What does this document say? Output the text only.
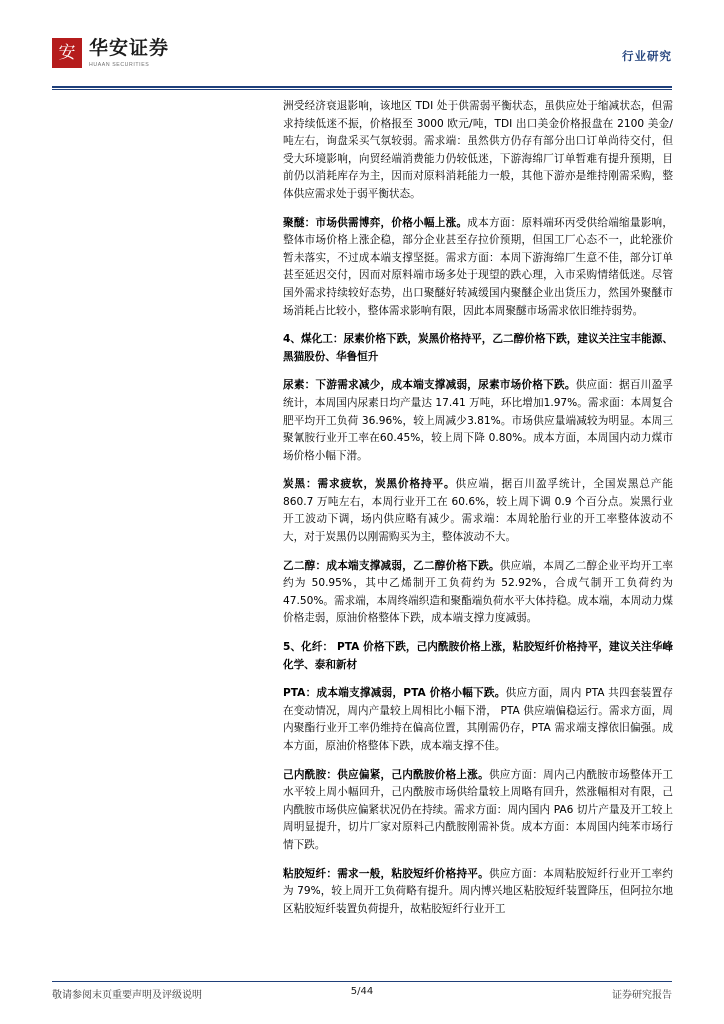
安 华安证券
HUAAN SECURITIES
行业研究

洲受经济衰退影响，该地区 TDI 处于供需弱平衡状态，虽供应处于缩减状态，但需求持续低迷不振，价格报至 3000 欧元/吨，TDI 出口美金价格报盘在 2100 美金/吨左右，询盘采买气氛较弱。需求端：虽然供方仍存有部分出口订单尚待交付，但受大环境影响，向贸经端消费能力仍较低迷，下游海绵厂订单暂难有提升预期，目前仍以消耗库存为主，因而对原料消耗能力一般，其他下游亦是维持刚需采购，整体供应需求处于弱平衡状态。

聚醚：市场供需博弈，价格小幅上涨。成本方面：原料端环丙受供给端缩量影响，整体市场价格上涨企稳，部分企业甚至存拉价预期，但国工厂心态不一，此轮涨价暂未落实，不过成本端支撑坚挺。需求方面：本周下游海绵厂生意不佳，部分订单甚至延迟交付，因而对原料端市场多处于现望的跌心理，入市采购情绪低迷。尽管国外需求持续较好态势，出口聚醚好转减缓国内聚醚企业出货压力，然国外聚醚市场消耗占比较小，整体需求影响有限，因此本周聚醚市场需求依旧维持弱势。

4、煤化工：尿素价格下跌，炭黑价格持平，乙二醇价格下跌，建议关注宝丰能源、黑猫股份、华鲁恒升

尿素：下游需求减少，成本端支撑减弱，尿素市场价格下跌。供应面：据百川盈孚统计，本周国内尿素日均产量达 17.41 万吨，环比增加1.97%。需求面：本周复合肥平均开工负荷 36.96%，较上周减少3.81%。市场供应量端减较为明显。本周三聚氰胺行业开工率在60.45%，较上周下降 0.80%。成本方面，本周国内动力煤市场价格小幅下滑。

炭黑：需求疲软，炭黑价格持平。供应端，据百川盈孚统计，全国炭黑总产能 860.7 万吨左右，本周行业开工在 60.6%，较上周下调 0.9 个百分点。炭黑行业开工波动下调，场内供应略有减少。需求端：本周轮胎行业的开工率整体波动不大，对于炭黑仍以刚需购买为主，整体波动不大。

乙二醇：成本端支撑减弱，乙二醇价格下跌。供应端，本周乙二醇企业平均开工率约为 50.95%，其中乙烯制开工负荷约为 52.92%，合成气制开工负荷约为47.50%。需求端，本周终端织造和聚酯端负荷水平大体持稳。成本端，本周动力煤价格走弱，原油价格整体下跌，成本端支撑力度减弱。

5、化纤： PTA 价格下跌，己内酰胺价格上涨，粘胶短纤价格持平，建议关注华峰化学、泰和新材

PTA：成本端支撑减弱，PTA 价格小幅下跌。供应方面，周内 PTA 共四套装置存在变动情况，周内产量较上周相比小幅下滑， PTA 供应端偏稳运行。需求方面，周内聚酯行业开工率仍维持在偏高位置，其刚需仍存，PTA 需求端支撑依旧偏强。成本方面，原油价格整体下跌，成本端支撑不佳。

己内酰胺：供应偏紧，己内酰胺价格上涨。供应方面：周内己内酰胺市场整体开工水平较上周小幅回升，己内酰胺市场供给量较上周略有回升，然涨幅相对有限，己内酰胺市场供应偏紧状况仍在持续。需求方面：周内国内 PA6 切片产量及开工较上周明显提升，切片厂家对原料己内酰胺刚需补货。成本方面：本周国内纯苯市场行情下跌。

粘胶短纤：需求一般，粘胶短纤价格持平。供应方面：本周粘胶短纤行业开工率约为 79%，较上周开工负荷略有提升。周内博兴地区粘胶短纤装置降压，但阿拉尔地区粘胶短纤装置负荷提升，故粘胶短纤行业开工

敬请参阅末页重要声明及评级说明	5/44	证券研究报告
